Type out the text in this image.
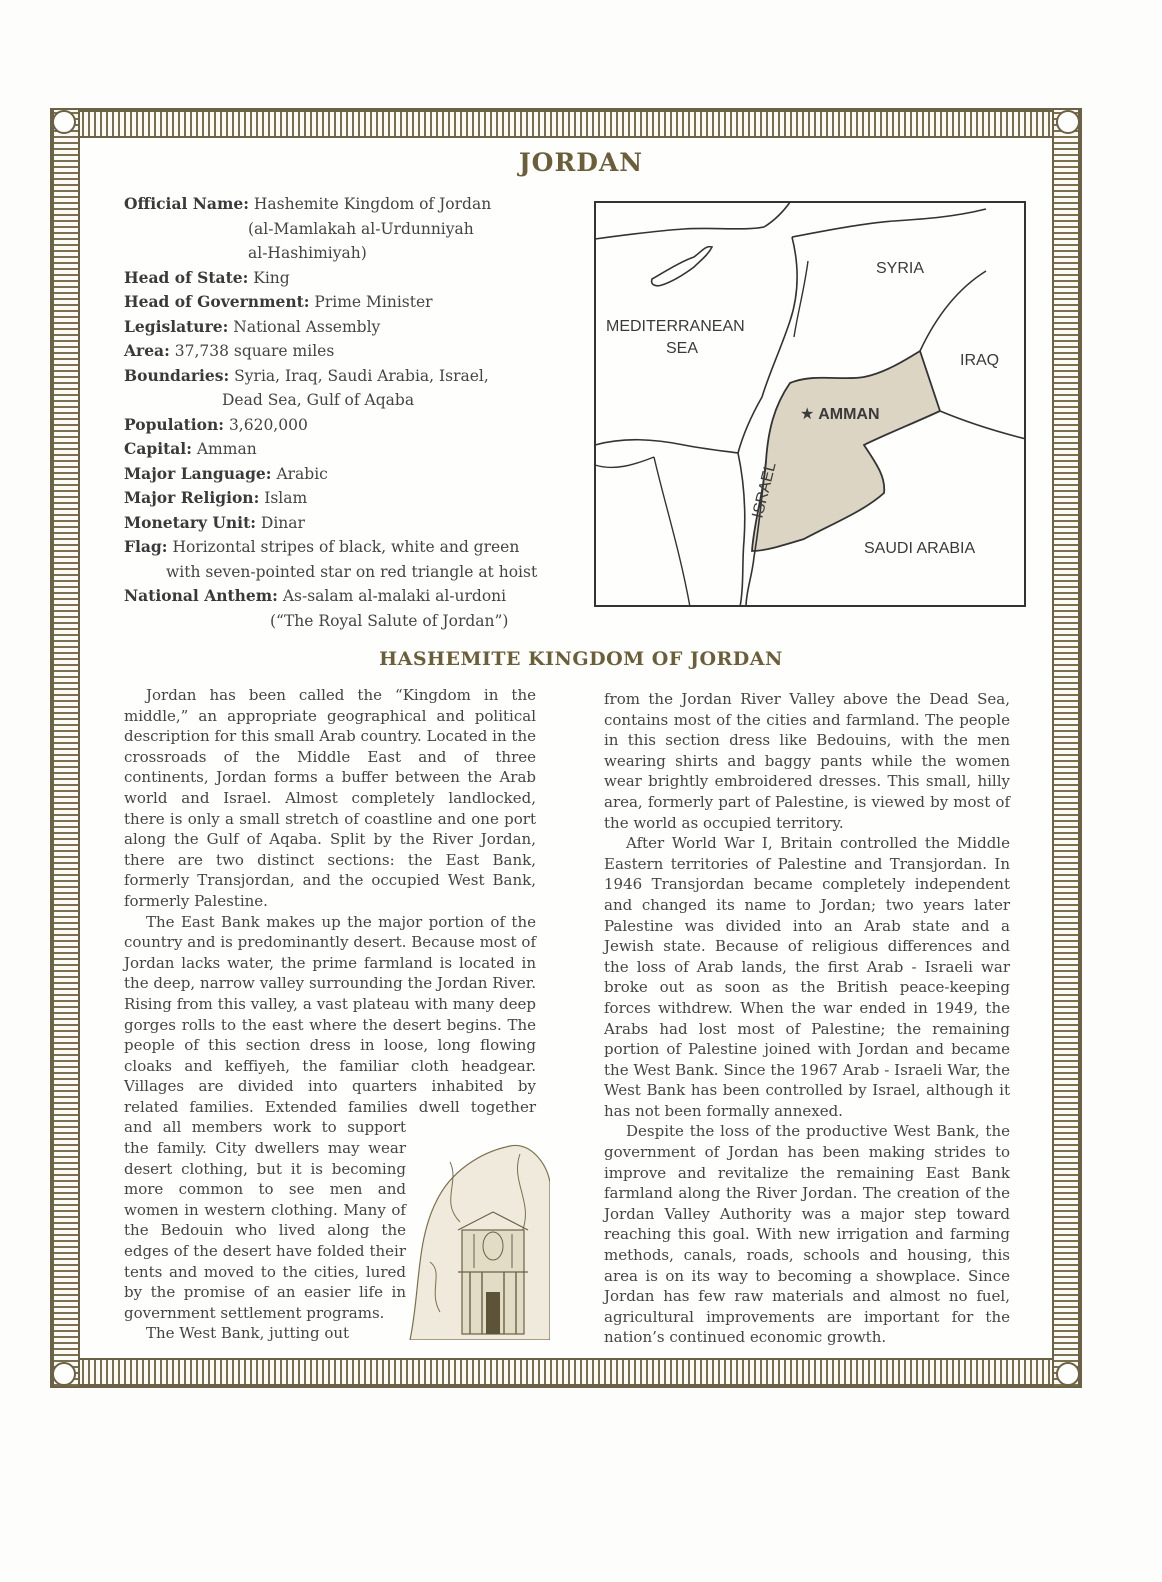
JORDAN
Official Name: Hashemite Kingdom of Jordan
(al-Mamlakah al-Urdunniyah
al-Hashimiyah)
Head of State: King
Head of Government: Prime Minister
Legislature: National Assembly
Area: 37,738 square miles
Boundaries: Syria, Iraq, Saudi Arabia, Israel,
Dead Sea, Gulf of Aqaba
Population: 3,620,000
Capital: Amman
Major Language: Arabic
Major Religion: Islam
Monetary Unit: Dinar
Flag: Horizontal stripes of black, white and green
with seven-pointed star on red triangle at hoist
National Anthem: As-salam al-malaki al-urdoni
(“The Royal Salute of Jordan”)
SYRIA
MEDITERRANEAN
SEA
IRAQ
★ AMMAN
ISRAEL
SAUDI ARABIA
HASHEMITE KINGDOM OF JORDAN

Jordan has been called the “Kingdom in the middle,” an appropriate geographical and political description for this small Arab country. Located in the crossroads of the Middle East and of three continents, Jordan forms a buffer between the Arab world and Israel. Almost completely landlocked, there is only a small stretch of coastline and one port along the Gulf of Aqaba. Split by the River Jordan, there are two distinct sections: the East Bank, formerly Transjordan, and the occupied West Bank, formerly Palestine.

The East Bank makes up the major portion of the country and is predominantly desert. Because most of Jordan lacks water, the prime farmland is located in the deep, narrow valley surrounding the Jordan River. Rising from this valley, a vast plateau with many deep gorges rolls to the east where the desert begins. The people of this section dress in loose, long flowing cloaks and keffiyeh, the familiar cloth headgear. Villages are divided into quarters inhabited by related families. Extended families dwell together and all members work to support the family. City dwellers may wear desert clothing, but it is becoming more common to see men and women in western clothing. Many of the Bedouin who lived along the edges of the desert have folded their tents and moved to the cities, lured by the promise of an easier life in government settlement programs.

The West Bank, jutting out

from the Jordan River Valley above the Dead Sea, contains most of the cities and farmland. The people in this section dress like Bedouins, with the men wearing shirts and baggy pants while the women wear brightly embroidered dresses. This small, hilly area, formerly part of Palestine, is viewed by most of the world as occupied territory.

After World War I, Britain controlled the Middle Eastern territories of Palestine and Transjordan. In 1946 Transjordan became completely independent and changed its name to Jordan; two years later Palestine was divided into an Arab state and a Jewish state. Because of religious differences and the loss of Arab lands, the first Arab - Israeli war broke out as soon as the British peace-keeping forces withdrew. When the war ended in 1949, the Arabs had lost most of Palestine; the remaining portion of Palestine joined with Jordan and became the West Bank. Since the 1967 Arab - Israeli War, the West Bank has been controlled by Israel, although it has not been formally annexed.

Despite the loss of the productive West Bank, the government of Jordan has been making strides to improve and revitalize the remaining East Bank farmland along the River Jordan. The creation of the Jordan Valley Authority was a major step toward reaching this goal. With new irrigation and farming methods, canals, roads, schools and housing, this area is on its way to becoming a showplace. Since Jordan has few raw materials and almost no fuel, agricultural improvements are important for the nation’s continued economic growth.
